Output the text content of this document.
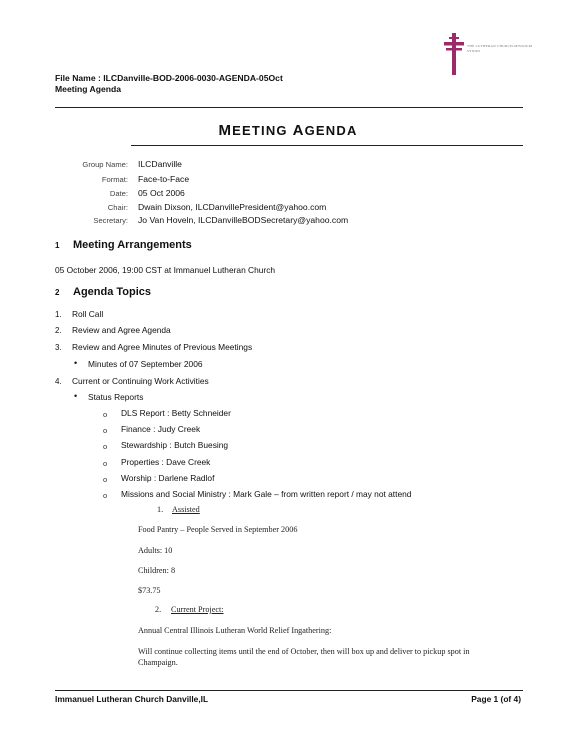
THE LUTHERAN CHURCH-MISSOURI SYNOD
File Name : ILCDanville-BOD-2006-0030-AGENDA-05Oct
Meeting Agenda
MEETING AGENDA
Group Name: ILCDanville
Format: Face-to-Face
Date: 05 Oct 2006
Chair: Dwain Dixson, ILCDanvillePresident@yahoo.com
Secretary: Jo Van Hoveln, ILCDanvilleBODSecretary@yahoo.com
1 Meeting Arrangements
05 October 2006, 19:00 CST at Immanuel Lutheran Church
2 Agenda Topics
1. Roll Call
2. Review and Agree Agenda
3. Review and Agree Minutes of Previous Meetings
• Minutes of 07 September 2006
4. Current or Continuing Work Activities
• Status Reports
o DLS Report : Betty Schneider
o Finance : Judy Creek
o Stewardship : Butch Buesing
o Properties : Dave Creek
o Worship : Darlene Radlof
o Missions and Social Ministry : Mark Gale – from written report / may not attend
1. Assisted
Food Pantry – People Served in September 2006
Adults: 10
Children: 8
$73.75
2. Current Project:
Annual Central Illinois Lutheran World Relief Ingathering:
Will continue collecting items until the end of October, then will box up and deliver to pickup spot in
Champaign.
Immanuel Lutheran Church Danville,IL	Page 1 (of 4)
